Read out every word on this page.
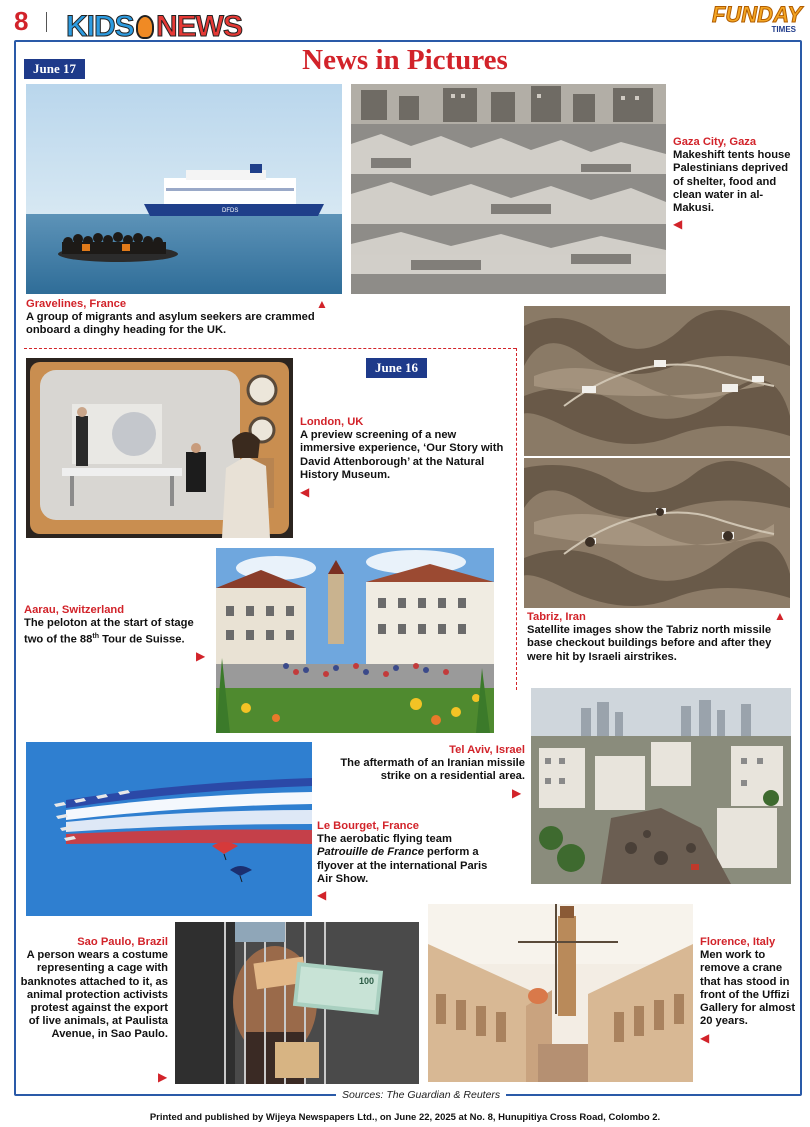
8 KIDS NEWS	FUNDAY
TIMES
News in Pictures
June 17
June 16
DFDS
▲
Gravelines, France
A group of migrants and asylum seekers are crammed onboard a dinghy heading for the UK.
Gaza City, Gaza
Makeshift tents house Palestinians deprived of shelter, food and clean water in al-Makusi.
◀
London, UK
A preview screening of a new immersive experience, ‘Our Story with David Attenborough’ at the Natural History Museum.
◀
▲
Tabriz, Iran
Satellite images show the Tabriz north missile base checkout buildings before and after they were hit by Israeli airstrikes.
Aarau, Switzerland
The peloton at the start of stage two of the 88th Tour de Suisse.
▶
Tel Aviv, Israel
The aftermath of an Iranian missile strike on a residential area.
▶
Le Bourget, France
The aerobatic flying team Patrouille de France perform a flyover at the international Paris Air Show.
◀
100
Sao Paulo, Brazil
A person wears a costume representing a cage with banknotes attached to it, as animal protection activists protest against the export of live animals, at Paulista Avenue, in Sao Paulo.
▶
Florence, Italy
Men work to remove a crane that has stood in front of the Uffizi Gallery for almost 20 years.
◀
Sources: The Guardian & Reuters
Printed and published by Wijeya Newspapers Ltd., on June 22, 2025 at No. 8, Hunupitiya Cross Road, Colombo 2.
